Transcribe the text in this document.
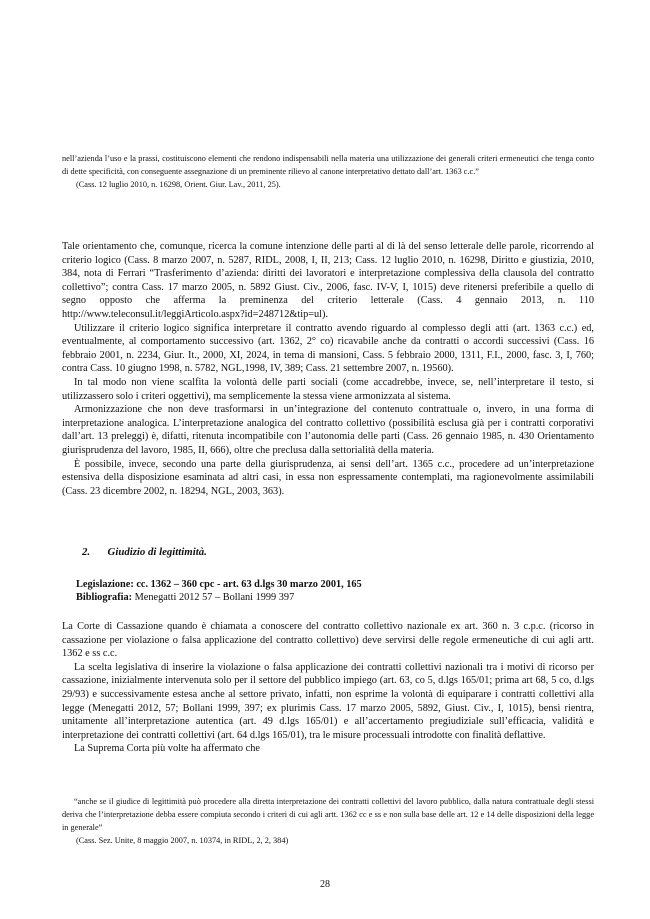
nell’azienda l’uso e la prassi, costituiscono elementi che rendono indispensabili nella materia una utilizzazione dei generali criteri ermeneutici che tenga conto di dette specificità, con conseguente assegnazione di un preminente rilievo al canone interpretativo dettato dall’art. 1363 c.c.”

(Cass. 12 luglio 2010, n. 16298, Orient. Giur. Lav., 2011, 25).

Tale orientamento che, comunque, ricerca la comune intenzione delle parti al di là del senso letterale delle parole, ricorrendo al criterio logico (Cass. 8 marzo 2007, n. 5287, RIDL, 2008, I, II, 213; Cass. 12 luglio 2010, n. 16298, Diritto e giustizia, 2010, 384, nota di Ferrari “Trasferimento d’azienda: diritti dei lavoratori e interpretazione complessiva della clausola del contratto collettivo”; contra Cass. 17 marzo 2005, n. 5892 Giust. Civ., 2006, fasc. IV-V, I, 1015) deve ritenersi preferibile a quello di segno opposto che afferma la preminenza del criterio letterale (Cass. 4 gennaio 2013, n. 110 http://www.teleconsul.it/leggiArticolo.aspx?id=248712&tip=ul).

Utilizzare il criterio logico significa interpretare il contratto avendo riguardo al complesso degli atti (art. 1363 c.c.) ed, eventualmente, al comportamento successivo (art. 1362, 2° co) ricavabile anche da contratti o accordi successivi (Cass. 16 febbraio 2001, n. 2234, Giur. It., 2000, XI, 2024, in tema di mansioni, Cass. 5 febbraio 2000, 1311, F.I., 2000, fasc. 3, I, 760; contra Cass. 10 giugno 1998, n. 5782, NGL,1998, IV, 389; Cass. 21 settembre 2007, n. 19560).

In tal modo non viene scalfita la volontà delle parti sociali (come accadrebbe, invece, se, nell’interpretare il testo, si utilizzassero solo i criteri oggettivi), ma semplicemente la stessa viene armonizzata al sistema.

Armonizzazione che non deve trasformarsi in un’integrazione del contenuto contrattuale o, invero, in una forma di interpretazione analogica. L’interpretazione analogica del contratto collettivo (possibilità esclusa già per i contratti corporativi dall’art. 13 preleggi) è, difatti, ritenuta incompatibile con l’autonomia delle parti (Cass. 26 gennaio 1985, n. 430 Orientamento giurisprudenza del lavoro, 1985, II, 666), oltre che preclusa dalla settorialità della materia.

È possibile, invece, secondo una parte della giurisprudenza, ai sensi dell’art. 1365 c.c., procedere ad un’interpretazione estensiva della disposizione esaminata ad altri casi, in essa non espressamente contemplati, ma ragionevolmente assimilabili (Cass. 23 dicembre 2002, n. 18294, NGL, 2003, 363).

2. Giudizio di legittimità.

Legislazione: cc. 1362 – 360 cpc - art. 63 d.lgs 30 marzo 2001, 165

Bibliografia: Menegatti 2012 57 – Bollani 1999 397

La Corte di Cassazione quando è chiamata a conoscere del contratto collettivo nazionale ex art. 360 n. 3 c.p.c. (ricorso in cassazione per violazione o falsa applicazione del contratto collettivo) deve servirsi delle regole ermeneutiche di cui agli artt. 1362 e ss c.c.

La scelta legislativa di inserire la violazione o falsa applicazione dei contratti collettivi nazionali tra i motivi di ricorso per cassazione, inizialmente intervenuta solo per il settore del pubblico impiego (art. 63, co 5, d.lgs 165/01; prima art 68, 5 co, d.lgs 29/93) e successivamente estesa anche al settore privato, infatti, non esprime la volontà di equiparare i contratti collettivi alla legge (Menegatti 2012, 57; Bollani 1999, 397; ex plurimis Cass. 17 marzo 2005, 5892, Giust. Civ., I, 1015), bensì rientra, unitamente all’interpretazione autentica (art. 49 d.lgs 165/01) e all’accertamento pregiudiziale sull’efficacia, validità e interpretazione dei contratti collettivi (art. 64 d.lgs 165/01), tra le misure processuali introdotte con finalità deflattive.

La Suprema Corta più volte ha affermato che

“anche se il giudice di legittimità può procedere alla diretta interpretazione dei contratti collettivi del lavoro pubblico, dalla natura contrattuale degli stessi deriva che l’interpretazione debba essere compiuta secondo i criteri di cui agli artt. 1362 cc e ss e non sulla base delle art. 12 e 14 delle disposizioni della legge in generale”

(Cass. Sez. Unite, 8 maggio 2007, n. 10374, in RIDL, 2, 2, 384)

28
